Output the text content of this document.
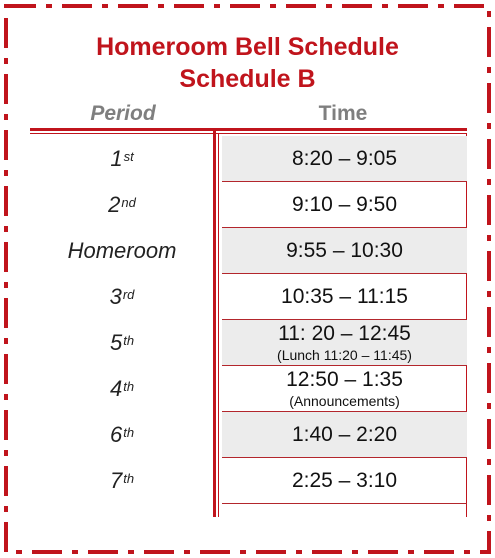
Homeroom Bell Schedule
Schedule B
Period	Time
1st	8:20 – 9:05
2nd	9:10 – 9:50
Homeroom	9:55 – 10:30
3rd	10:35 – 11:15
5th	11: 20 – 12:45
(Lunch 11:20 – 11:45)
4th	12:50 – 1:35
(Announcements)
6th	1:40 – 2:20
7th	2:25 – 3:10
